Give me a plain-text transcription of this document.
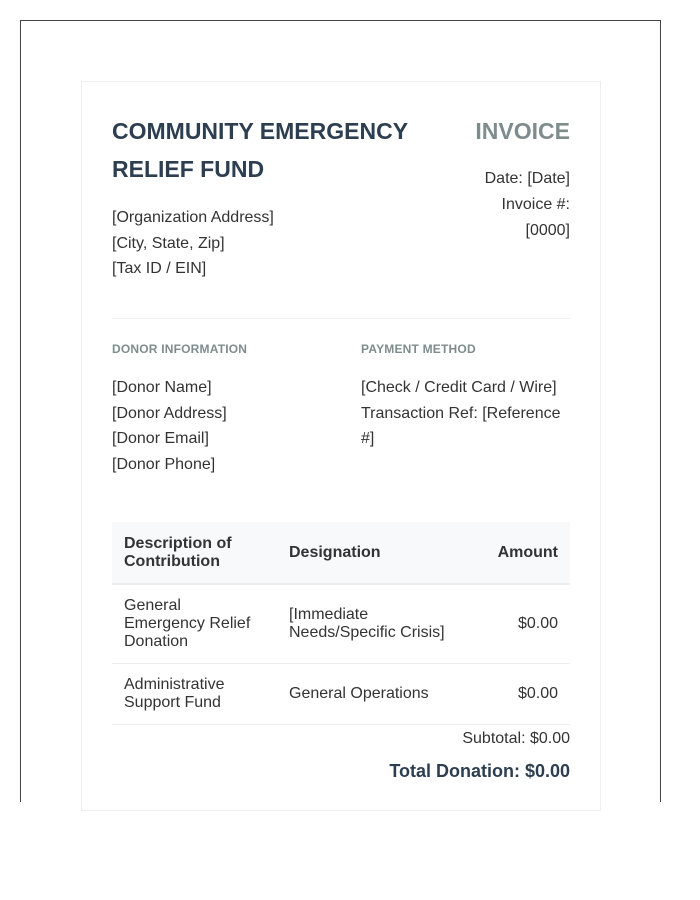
COMMUNITY EMERGENCY RELIEF FUND
INVOICE
[Organization Address]
[City, State, Zip]
[Tax ID / EIN]
Date: [Date]
Invoice #:
[0000]
DONOR INFORMATION	PAYMENT METHOD
[Donor Name]
[Donor Address]
[Donor Email]
[Donor Phone]
[Check / Credit Card / Wire]
Transaction Ref: [Reference #]
Description of Contribution	Designation	Amount
General Emergency Relief Donation	[Immediate Needs/Specific Crisis]	$0.00
Administrative Support Fund	General Operations	$0.00
Subtotal: $0.00
Total Donation: $0.00
